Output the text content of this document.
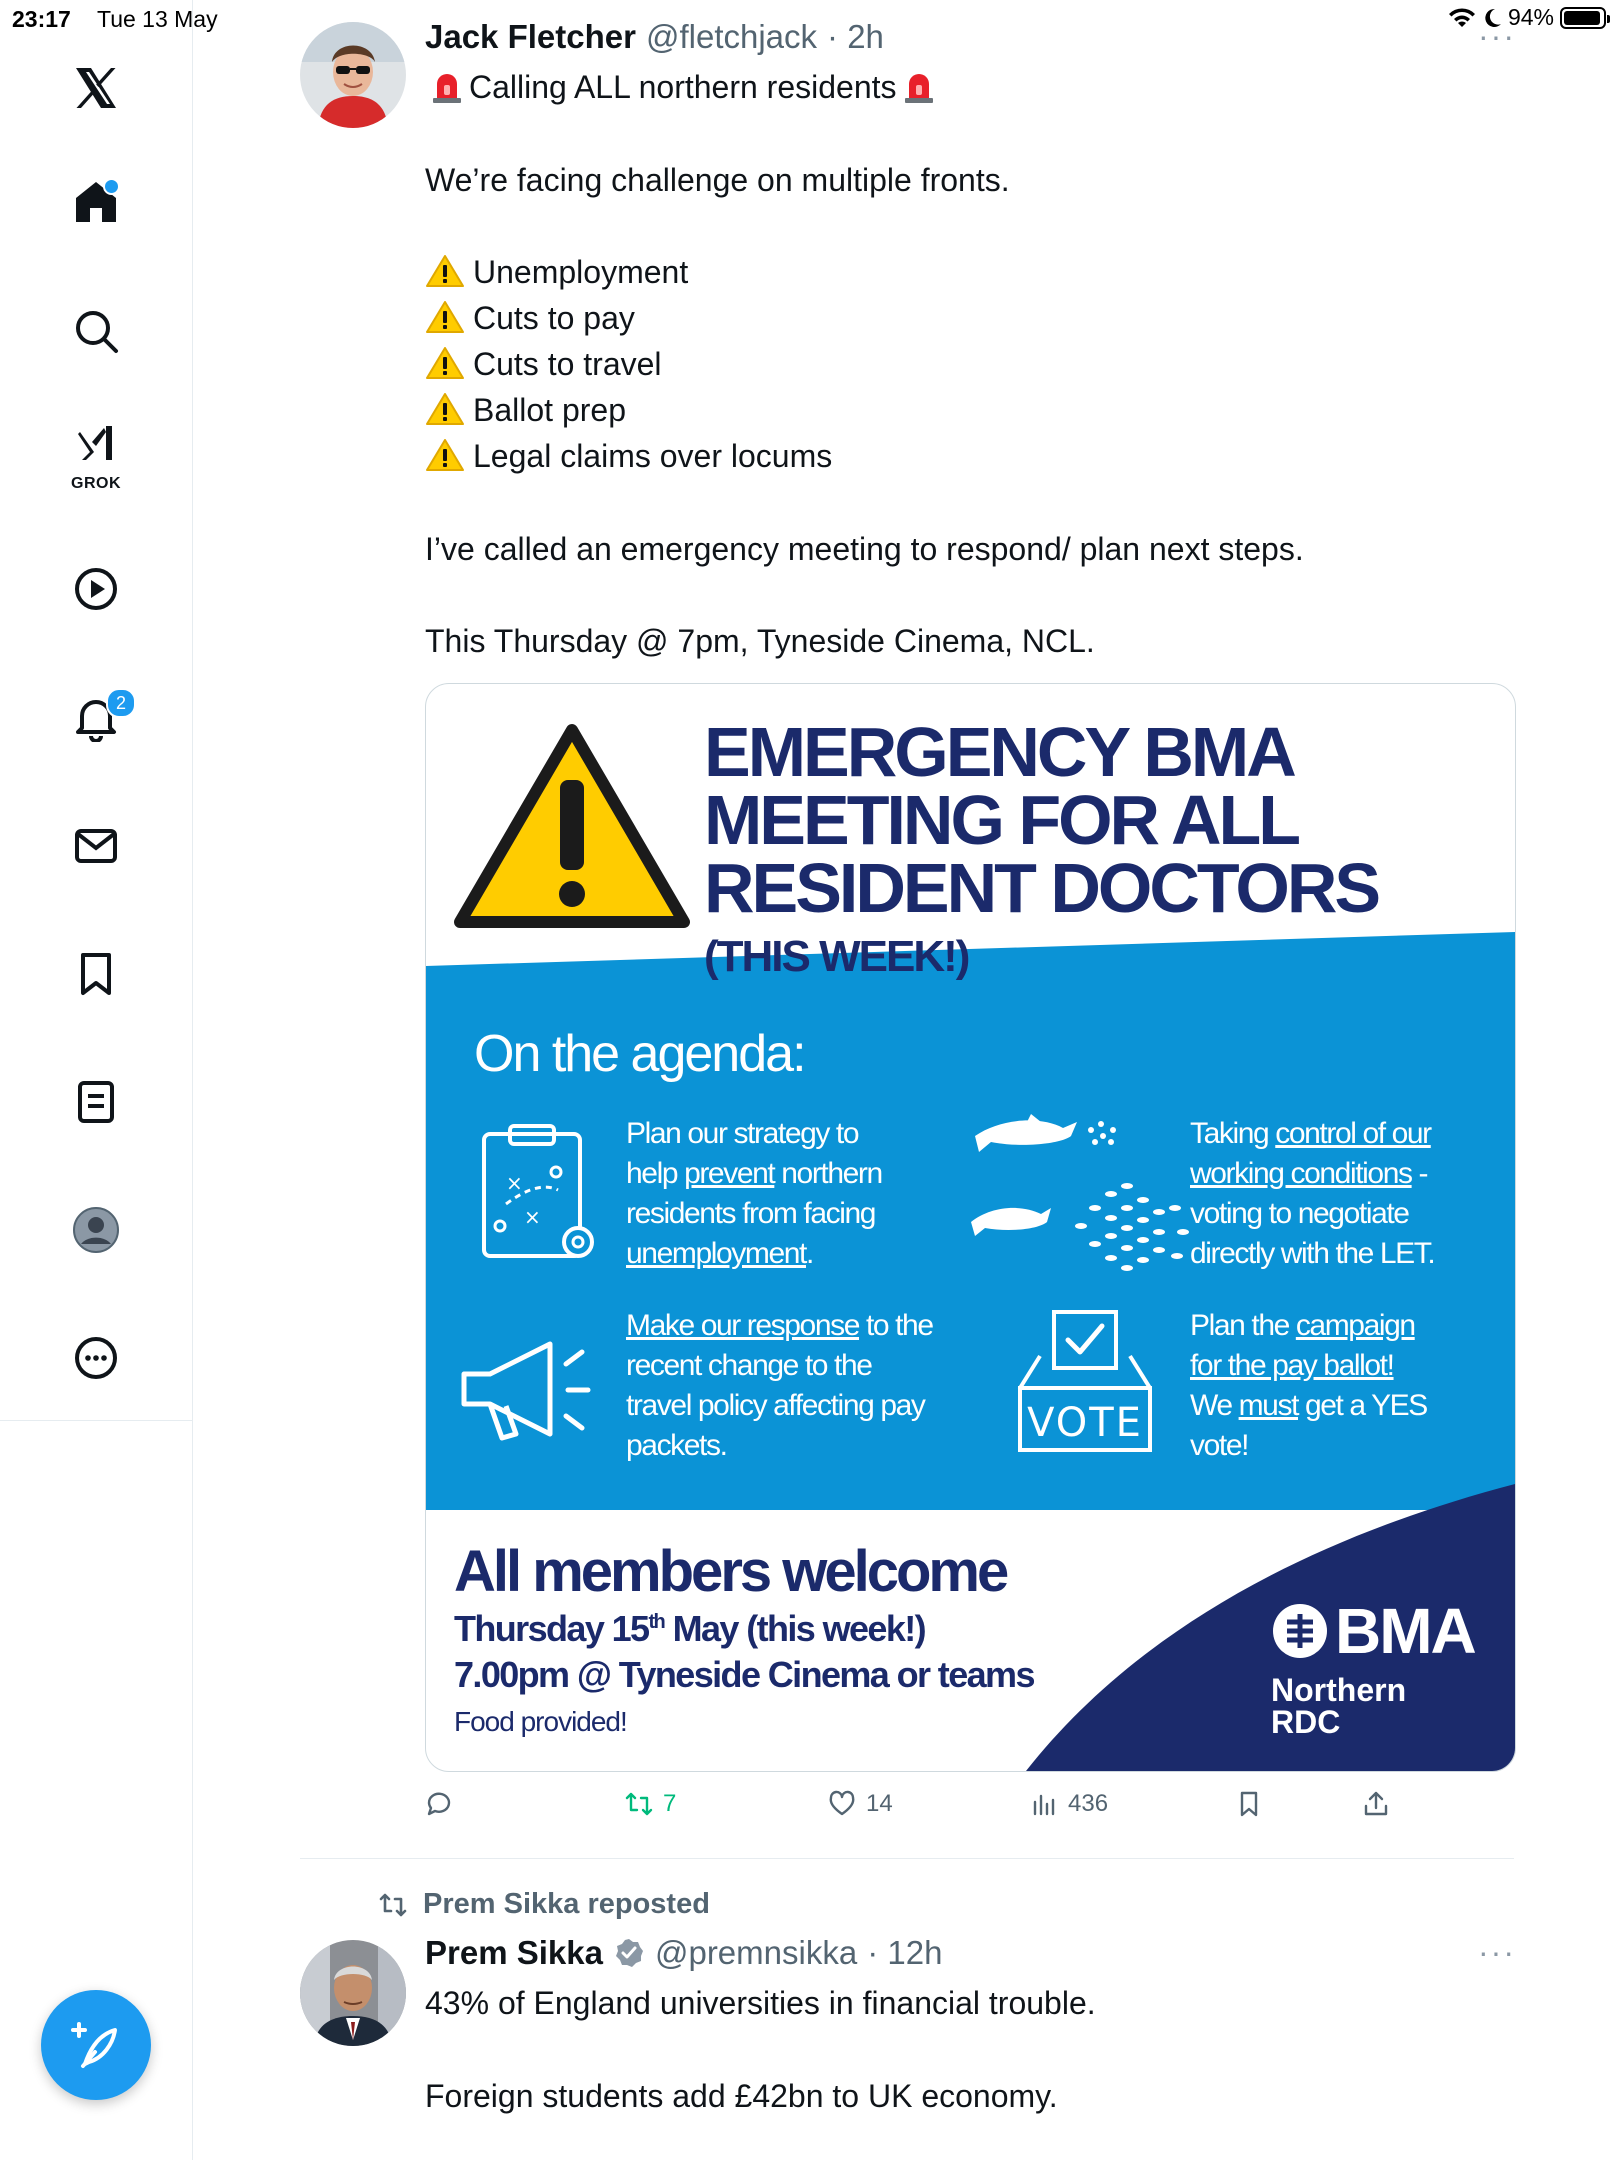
23:17 Tue 13 May	94%
GROK
2
Jack Fletcher @fletchjack · 2h	···
Calling ALL northern residents
We’re facing challenge on multiple fronts.
Unemployment
Cuts to pay
Cuts to travel
Ballot prep
Legal claims over locums
I’ve called an emergency meeting to respond/ plan next steps.
This Thursday @ 7pm, Tyneside Cinema, NCL.
EMERGENCY BMA
MEETING FOR ALL
RESIDENT DOCTORS
(THIS WEEK!)
On the agenda:
×
×
Plan our strategy to
help prevent northern
residents from facing
unemployment.
Taking control of our
working conditions -
voting to negotiate
directly with the LET.
Make our response to the
recent change to the
travel policy affecting pay
packets.	VOTE
Plan the campaign
for the pay ballot!
We must get a YES
vote!
All members welcome
Thursday 15th May (this week!)
7.00pm @ Tyneside Cinema or teams
Food provided!
BMA
Northern
RDC
7	14	436
Prem Sikka reposted
Prem Sikka @premnsikka · 12h	···
43% of England universities in financial trouble.
Foreign students add £42bn to UK economy.
